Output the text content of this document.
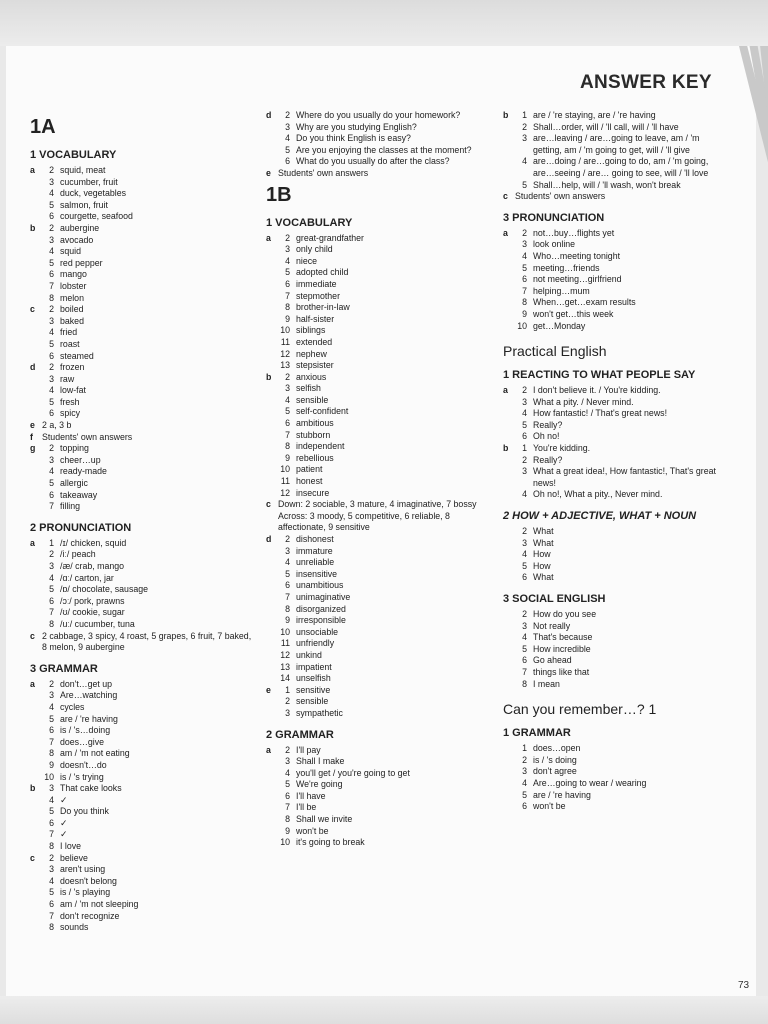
ANSWER KEY
1A
1 VOCABULARY
a	2 squid, meat
3 cucumber, fruit
4 duck, vegetables
5 salmon, fruit
6 courgette, seafood
b	2 aubergine
3 avocado
4 squid
5 red pepper
6 mango
7 lobster
8 melon
c	2 boiled
3 baked
4 fried
5 roast
6 steamed
d	2 frozen
3 raw
4 low-fat
5 fresh
6 spicy
e 2 a, 3 b
f	Students' own answers
g	2 topping
3 cheer…up
4 ready-made
5 allergic
6 takeaway
7 filling
2 PRONUNCIATION
a	1 /ɪ/ chicken, squid
2 /iː/ peach
3 /æ/ crab, mango
4 /ɑː/ carton, jar
5 /ɒ/ chocolate, sausage
6 /ɔː/ pork, prawns
7 /ʊ/ cookie, sugar
8 /uː/ cucumber, tuna
c 2 cabbage, 3 spicy, 4 roast, 5 grapes, 6 fruit, 7 baked, 8 melon, 9 aubergine
3 GRAMMAR
a	2 don't…get up
3 Are…watching
4 cycles
5 are / 're having
6 is / 's…doing
7 does…give
8 am / 'm not eating
9 doesn't…do
10 is / 's trying
b	3 That cake looks
4 ✓
5 Do you think
6 ✓
7 ✓
8 I love
c	2 believe
3 aren't using
4 doesn't belong
5 is / 's playing
6 am / 'm not sleeping
7 don't recognize
8 sounds
d	2 Where do you usually do your homework?
3 Why are you studying English?
4 Do you think English is easy?
5 Are you enjoying the classes at the moment?
6 What do you usually do after the class?
e Students' own answers
1B
1 VOCABULARY
a	2 great-grandfather
3 only child
4 niece
5 adopted child
6 immediate
7 stepmother
8 brother-in-law
9 half-sister
10 siblings
11 extended
12 nephew
13 stepsister
b	2 anxious
3 selfish
4 sensible
5 self-confident
6 ambitious
7 stubborn
8 independent
9 rebellious
10 patient
11 honest
12 insecure
c Down: 2 sociable, 3 mature, 4 imaginative, 7 bossy
Across: 3 moody, 5 competitive, 6 reliable, 8 affectionate, 9 sensitive
d	2 dishonest
3 immature
4 unreliable
5 insensitive
6 unambitious
7 unimaginative
8 disorganized
9 irresponsible
10 unsociable
11 unfriendly
12 unkind
13 impatient
14 unselfish
e	1 sensitive
2 sensible
3 sympathetic
2 GRAMMAR
a	2 I'll pay
3 Shall I make
4 you'll get / you're going to get
5 We're going
6 I'll have
7 I'll be
8 Shall we invite
9 won't be
10 it's going to break
b	1 are / 're staying, are / 're having
2 Shall…order, will / 'll call, will / 'll have
3 are…leaving / are…going to leave, am / 'm getting, am / 'm going to get, will / 'll give
4 are…doing / are…going to do, am / 'm going, are…seeing / are… going to see, will / 'll love
5 Shall…help, will / 'll wash, won't break
c Students' own answers
3 PRONUNCIATION
a	2 not…buy…flights yet
3 look online
4 Who…meeting tonight
5 meeting…friends
6 not meeting…girlfriend
7 helping…mum
8 When…get…exam results
9 won't get…this week
10 get…Monday
Practical English
1 REACTING TO WHAT PEOPLE SAY
a	2 I don't believe it. / You're kidding.
3 What a pity. / Never mind.
4 How fantastic! / That's great news!
5 Really?
6 Oh no!
b	1 You're kidding.
2 Really?
3 What a great idea!, How fantastic!, That's great news!
4 Oh no!, What a pity., Never mind.
2 HOW + ADJECTIVE, WHAT + NOUN
2 What
3 What
4 How
5 How
6 What
3 SOCIAL ENGLISH
2 How do you see
3 Not really
4 That's because
5 How incredible
6 Go ahead
7 things like that
8 I mean
Can you remember…? 1
1 GRAMMAR
1 does…open
2 is / 's doing
3 don't agree
4 Are…going to wear / wearing
5 are / 're having
6 won't be
73
